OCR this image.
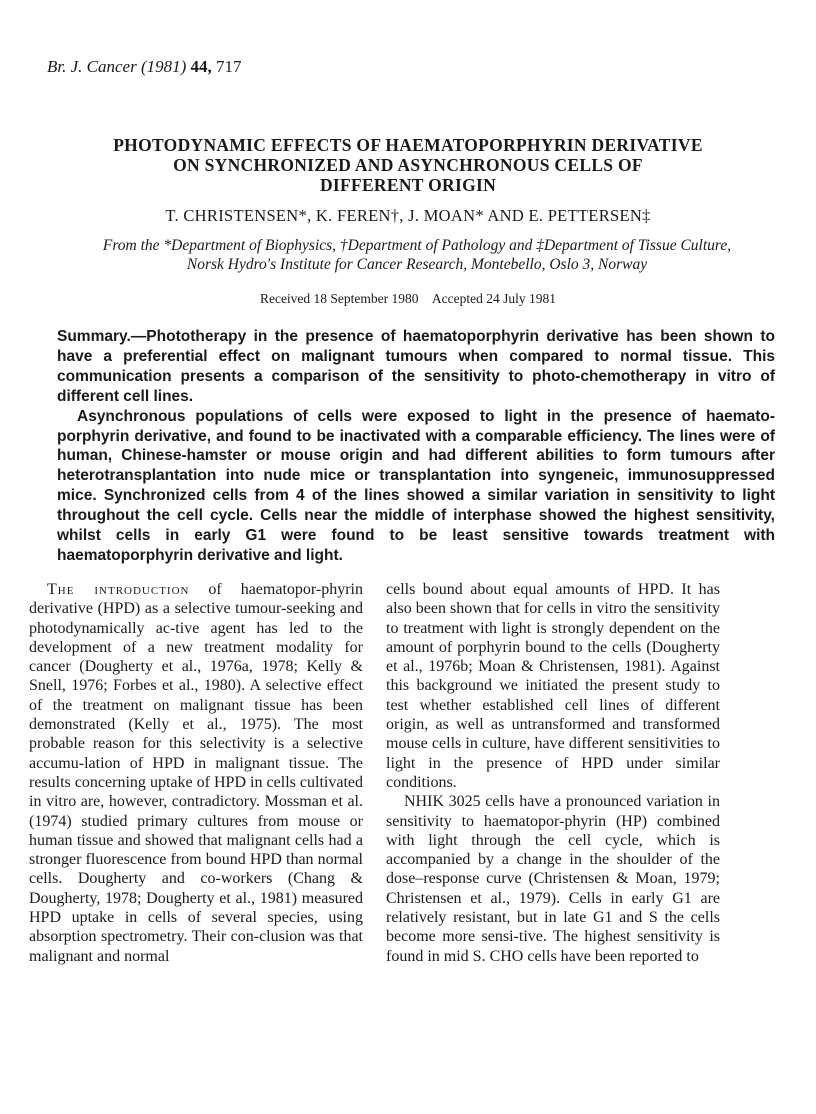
Br. J. Cancer (1981) 44, 717
PHOTODYNAMIC EFFECTS OF HAEMATOPORPHYRIN DERIVATIVE
ON SYNCHRONIZED AND ASYNCHRONOUS CELLS OF
DIFFERENT ORIGIN
T. CHRISTENSEN*, K. FEREN†, J. MOAN* AND E. PETTERSEN‡
From the *Department of Biophysics, †Department of Pathology and ‡Department of Tissue Culture,
Norsk Hydro's Institute for Cancer Research, Montebello, Oslo 3, Norway
Received 18 September 1980 Accepted 24 July 1981

Summary.—Phototherapy in the presence of haematoporphyrin derivative has been shown to have a preferential effect on malignant tumours when compared to normal tissue. This communication presents a comparison of the sensitivity to photo-chemotherapy in vitro of different cell lines.

Asynchronous populations of cells were exposed to light in the presence of haemato-porphyrin derivative, and found to be inactivated with a comparable efficiency. The lines were of human, Chinese-hamster or mouse origin and had different abilities to form tumours after heterotransplantation into nude mice or transplantation into syngeneic, immunosuppressed mice. Synchronized cells from 4 of the lines showed a similar variation in sensitivity to light throughout the cell cycle. Cells near the middle of interphase showed the highest sensitivity, whilst cells in early G1 were found to be least sensitive towards treatment with haematoporphyrin derivative and light.

The introduction of haematopor-phyrin derivative (HPD) as a selective tumour-seeking and photodynamically ac-tive agent has led to the development of a new treatment modality for cancer (Dougherty et al., 1976a, 1978; Kelly & Snell, 1976; Forbes et al., 1980). A selective effect of the treatment on malignant tissue has been demonstrated (Kelly et al., 1975). The most probable reason for this selectivity is a selective accumu-lation of HPD in malignant tissue. The results concerning uptake of HPD in cells cultivated in vitro are, however, contradictory. Mossman et al. (1974) studied primary cultures from mouse or human tissue and showed that malignant cells had a stronger fluorescence from bound HPD than normal cells. Dougherty and co-workers (Chang & Dougherty, 1978; Dougherty et al., 1981) measured HPD uptake in cells of several species, using absorption spectrometry. Their con-clusion was that malignant and normal

cells bound about equal amounts of HPD. It has also been shown that for cells in vitro the sensitivity to treatment with light is strongly dependent on the amount of porphyrin bound to the cells (Dougherty et al., 1976b; Moan & Christensen, 1981). Against this background we initiated the present study to test whether established cell lines of different origin, as well as untransformed and transformed mouse cells in culture, have different sensitivities to light in the presence of HPD under similar conditions.

NHIK 3025 cells have a pronounced variation in sensitivity to haematopor-phyrin (HP) combined with light through the cell cycle, which is accompanied by a change in the shoulder of the dose–response curve (Christensen & Moan, 1979; Christensen et al., 1979). Cells in early G1 are relatively resistant, but in late G1 and S the cells become more sensi-tive. The highest sensitivity is found in mid S. CHO cells have been reported to
